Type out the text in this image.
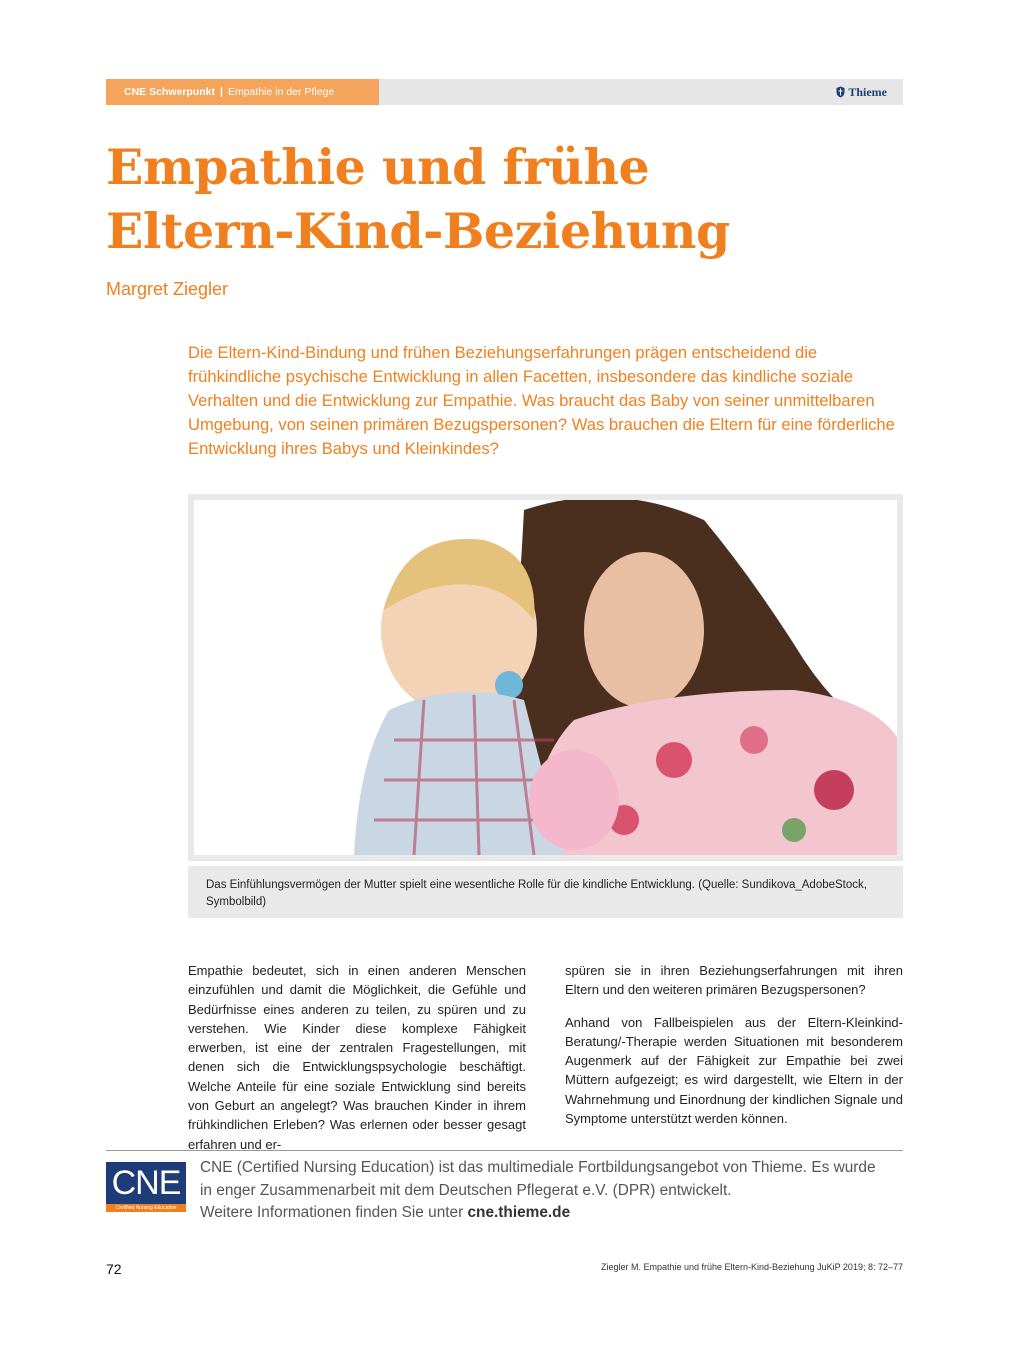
CNE Schwerpunkt | Empathie in der Pflege	Thieme
Empathie und frühe
Eltern-Kind-Beziehung
Margret Ziegler

Die Eltern-Kind-Bindung und frühen Beziehungserfahrungen prägen entscheidend die frühkindliche psychische Entwicklung in allen Facetten, insbesondere das kindliche soziale Verhalten und die Entwicklung zur Empathie. Was braucht das Baby von seiner unmittelbaren Umgebung, von seinen primären Bezugspersonen? Was brauchen die Eltern für eine förderliche Entwicklung ihres Babys und Kleinkindes?

Das Einfühlungsvermögen der Mutter spielt eine wesentliche Rolle für die kindliche Entwicklung. (Quelle: Sundikova_AdobeStock,
Symbolbild)

Empathie bedeutet, sich in einen anderen Menschen einzufühlen und damit die Möglichkeit, die Gefühle und Bedürfnisse eines anderen zu teilen, zu spüren und zu verstehen. Wie Kinder diese komplexe Fähigkeit erwerben, ist eine der zentralen Fragestellungen, mit denen sich die Entwicklungspsychologie beschäftigt. Welche Anteile für eine soziale Entwicklung sind bereits von Geburt an angelegt? Was brauchen Kinder in ihrem frühkindlichen Erleben? Was erlernen oder besser gesagt erfahren und er-

spüren sie in ihren Beziehungserfahrungen mit ihren Eltern und den weiteren primären Bezugspersonen?

Anhand von Fallbeispielen aus der Eltern-Kleinkind-Beratung/-Therapie werden Situationen mit besonderem Augenmerk auf der Fähigkeit zur Empathie bei zwei Müttern aufgezeigt; es wird dargestellt, wie Eltern in der Wahrnehmung und Einordnung der kindlichen Signale und Symptome unterstützt werden können.

CNE
Certified Nursing Education
CNE (Certified Nursing Education) ist das multimediale Fortbildungsangebot von Thieme. Es wurde
in enger Zusammenarbeit mit dem Deutschen Pflegerat e.V. (DPR) entwickelt.
Weitere Informationen finden Sie unter cne.thieme.de
72	Ziegler M. Empathie und frühe Eltern-Kind-Beziehung JuKiP 2019; 8: 72–77
